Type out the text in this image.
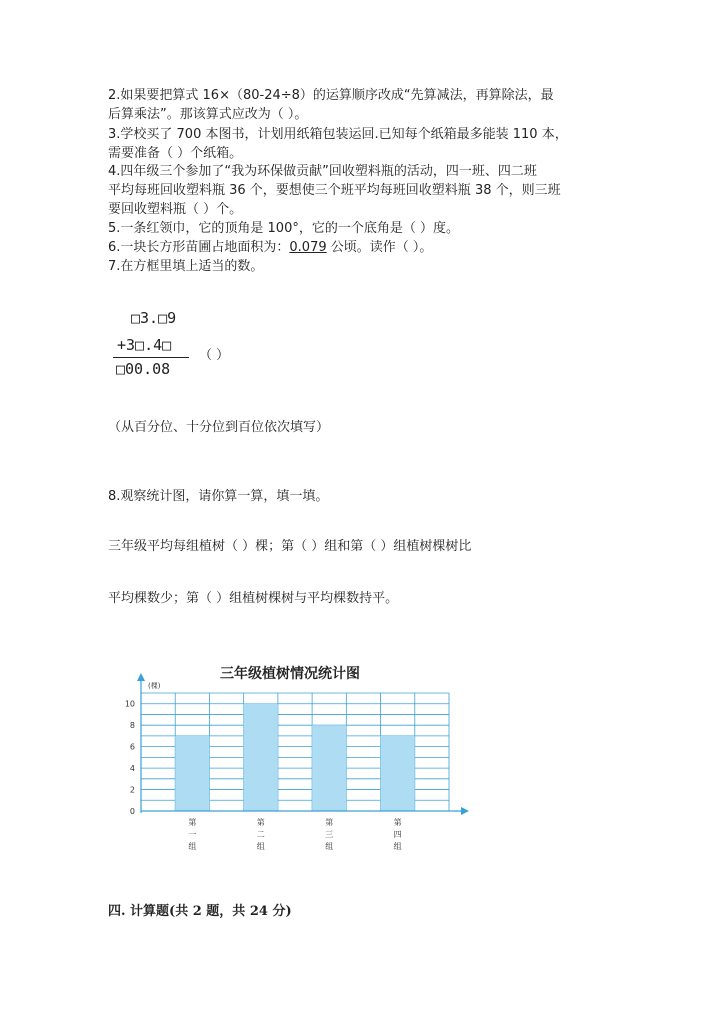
2.如果要把算式 16×（80-24÷8）的运算顺序改成“先算减法，再算除法，最
后算乘法”。那该算式应改为（ ）。
3.学校买了 700 本图书，计划用纸箱包装运回.已知每个纸箱最多能装 110 本，
需要准备（ ）个纸箱。
4.四年级三个参加了“我为环保做贡献”回收塑料瓶的活动，四一班、四二班
平均每班回收塑料瓶 36 个，要想使三个班平均每班回收塑料瓶 38 个，则三班
要回收塑料瓶（ ）个。
5.一条红领巾，它的顶角是 100°，它的一个底角是（ ）度。
6.一块长方形苗圃占地面积为：0.079 公顷。读作（ ）。
7.在方框里填上适当的数。
□3.□9
+3□.4□
□00.08
（ ）
（从百分位、十分位到百位依次填写）
8.观察统计图，请你算一算，填一填。
三年级平均每组植树（ ）棵；第（ ）组和第（ ）组植树棵树比
平均棵数少；第（ ）组植树棵树与平均棵数持平。
三年级植树情况统计图
0
2
4
6
8
10
(棵)
第
一
组
第
二
组
第
三
组
第
四
组
四. 计算题(共 2 题，共 24 分)
